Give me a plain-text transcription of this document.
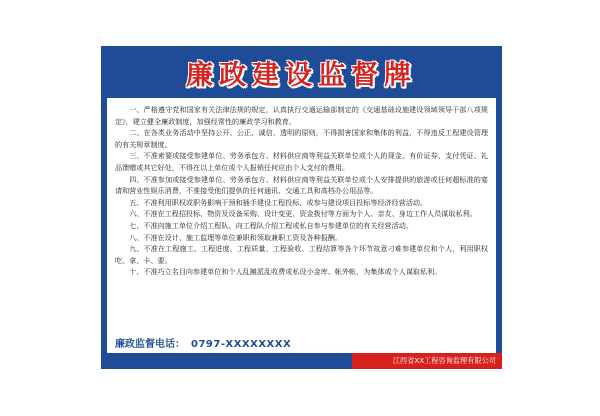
廉政建设监督牌

一、严格遵守党和国家有关法律法规的规定，认真执行交通运输部制定的《交通基础设施建设领域领导干部八项规定》，建立健全廉政制度，加强经常性的廉政学习和教育。

二、在各类业务活动中坚持公开、公正、诚信、透明的原则，不得损害国家和集体的利益，不得违反工程建设管理的有关规章制度。

三、不准索要或接受参建单位、劳务承包方、材料供应商等利益关联单位或个人的现金、有价证券、支付凭证、礼品馈赠或其它好处，不得在以上单位或个人报销任何应由个人支付的费用。

四、不准参加或接受参建单位、劳务承包方、材料供应商等利益关联单位或个人安排提供的旅游或任何超标准的宴请和营业性娱乐消费，不准接受他们提供的任何通讯、交通工具和高档办公用品等。

五、不准利用职权或职务影响干预和插手建设工程投标，或参与建设项目投标等经济经营活动。

六、不准在工程招投标、物资及设备采购、设计变更、资金拨付等方面为个人、亲友、身边工作人员谋取私利。

七、不准向施工单位介绍工程队、向工程队介绍工程或私自参与参建单位的有关经营活动。

八、不准在设计、施工监理等单位兼职和领取兼职工资及各种报酬。

九、不准在工程施工、工程进度、工程质量、工程验收、工程结算等各个环节故意刁难参建单位和个人，利用职权吃、拿、卡、要。

十、不准巧立名目向参建单位和个人乱摊派乱收费或私设小金库、帐外帐，为集体或个人谋取私利。

廉政监督电话： 0797-XXXXXXXX
江西省XX工程咨询监理有限公司
